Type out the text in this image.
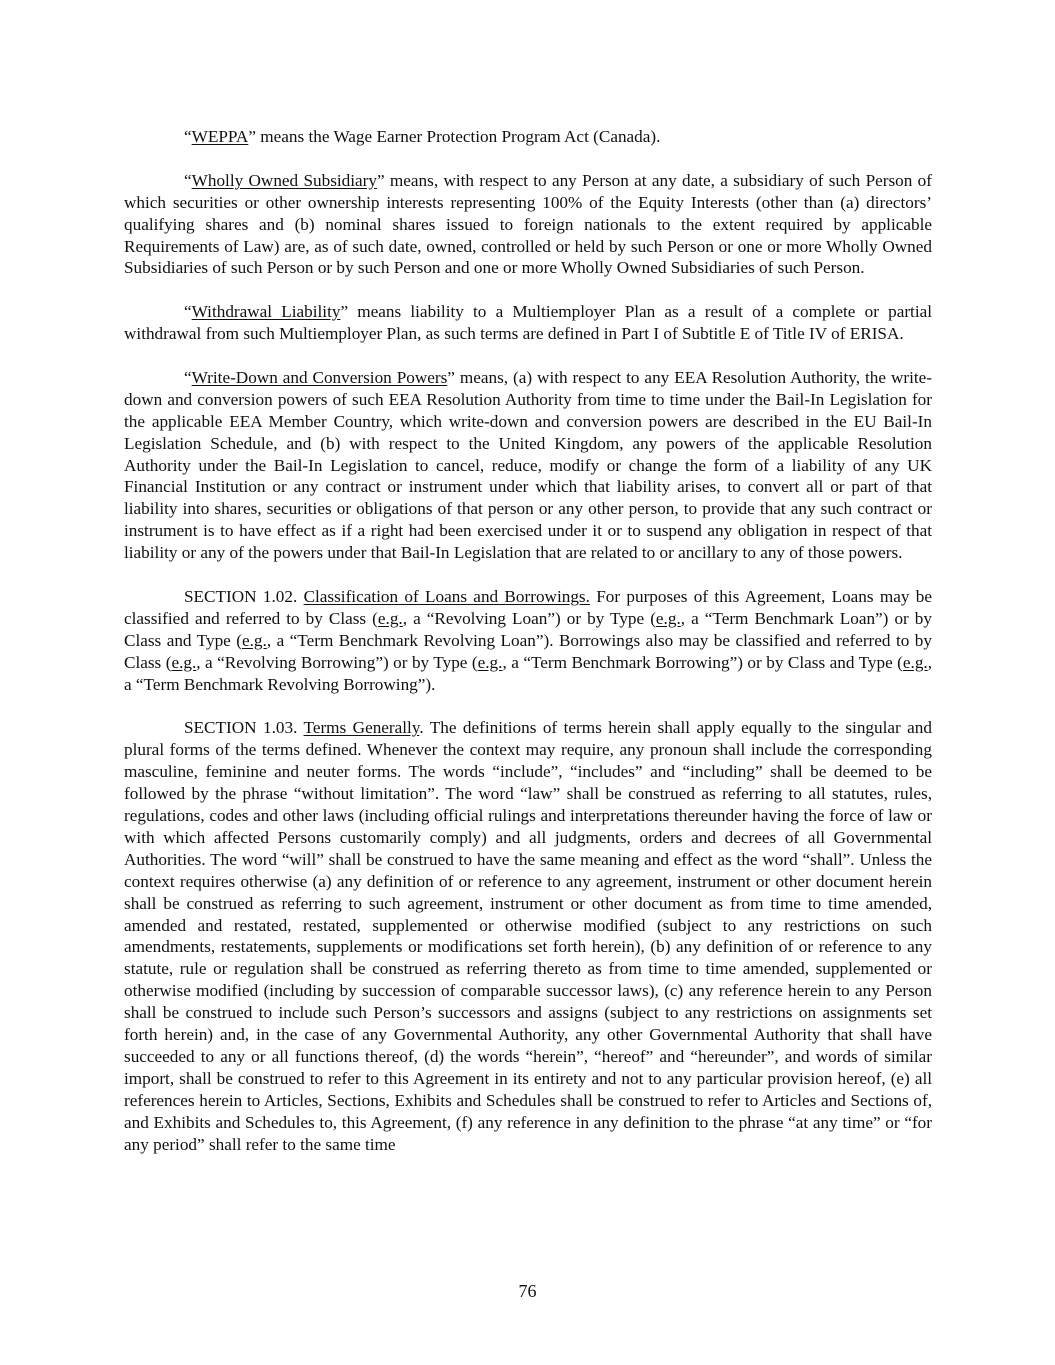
“WEPPA” means the Wage Earner Protection Program Act (Canada).

“Wholly Owned Subsidiary” means, with respect to any Person at any date, a subsidiary of such Person of which securities or other ownership interests representing 100% of the Equity Interests (other than (a) directors’ qualifying shares and (b) nominal shares issued to foreign nationals to the extent required by applicable Requirements of Law) are, as of such date, owned, controlled or held by such Person or one or more Wholly Owned Subsidiaries of such Person or by such Person and one or more Wholly Owned Subsidiaries of such Person.

“Withdrawal Liability” means liability to a Multiemployer Plan as a result of a complete or partial withdrawal from such Multiemployer Plan, as such terms are defined in Part I of Subtitle E of Title IV of ERISA.

“Write-Down and Conversion Powers” means, (a) with respect to any EEA Resolution Authority, the write-down and conversion powers of such EEA Resolution Authority from time to time under the Bail-In Legislation for the applicable EEA Member Country, which write-down and conversion powers are described in the EU Bail-In Legislation Schedule, and (b) with respect to the United Kingdom, any powers of the applicable Resolution Authority under the Bail-In Legislation to cancel, reduce, modify or change the form of a liability of any UK Financial Institution or any contract or instrument under which that liability arises, to convert all or part of that liability into shares, securities or obligations of that person or any other person, to provide that any such contract or instrument is to have effect as if a right had been exercised under it or to suspend any obligation in respect of that liability or any of the powers under that Bail-In Legislation that are related to or ancillary to any of those powers.

SECTION 1.02. Classification of Loans and Borrowings. For purposes of this Agreement, Loans may be classified and referred to by Class (e.g., a “Revolving Loan”) or by Type (e.g., a “Term Benchmark Loan”) or by Class and Type (e.g., a “Term Benchmark Revolving Loan”). Borrowings also may be classified and referred to by Class (e.g., a “Revolving Borrowing”) or by Type (e.g., a “Term Benchmark Borrowing”) or by Class and Type (e.g., a “Term Benchmark Revolving Borrowing”).

SECTION 1.03. Terms Generally. The definitions of terms herein shall apply equally to the singular and plural forms of the terms defined. Whenever the context may require, any pronoun shall include the corresponding masculine, feminine and neuter forms. The words “include”, “includes” and “including” shall be deemed to be followed by the phrase “without limitation”. The word “law” shall be construed as referring to all statutes, rules, regulations, codes and other laws (including official rulings and interpretations thereunder having the force of law or with which affected Persons customarily comply) and all judgments, orders and decrees of all Governmental Authorities. The word “will” shall be construed to have the same meaning and effect as the word “shall”. Unless the context requires otherwise (a) any definition of or reference to any agreement, instrument or other document herein shall be construed as referring to such agreement, instrument or other document as from time to time amended, amended and restated, restated, supplemented or otherwise modified (subject to any restrictions on such amendments, restatements, supplements or modifications set forth herein), (b) any definition of or reference to any statute, rule or regulation shall be construed as referring thereto as from time to time amended, supplemented or otherwise modified (including by succession of comparable successor laws), (c) any reference herein to any Person shall be construed to include such Person’s successors and assigns (subject to any restrictions on assignments set forth herein) and, in the case of any Governmental Authority, any other Governmental Authority that shall have succeeded to any or all functions thereof, (d) the words “herein”, “hereof” and “hereunder”, and words of similar import, shall be construed to refer to this Agreement in its entirety and not to any particular provision hereof, (e) all references herein to Articles, Sections, Exhibits and Schedules shall be construed to refer to Articles and Sections of, and Exhibits and Schedules to, this Agreement, (f) any reference in any definition to the phrase “at any time” or “for any period” shall refer to the same time

76
